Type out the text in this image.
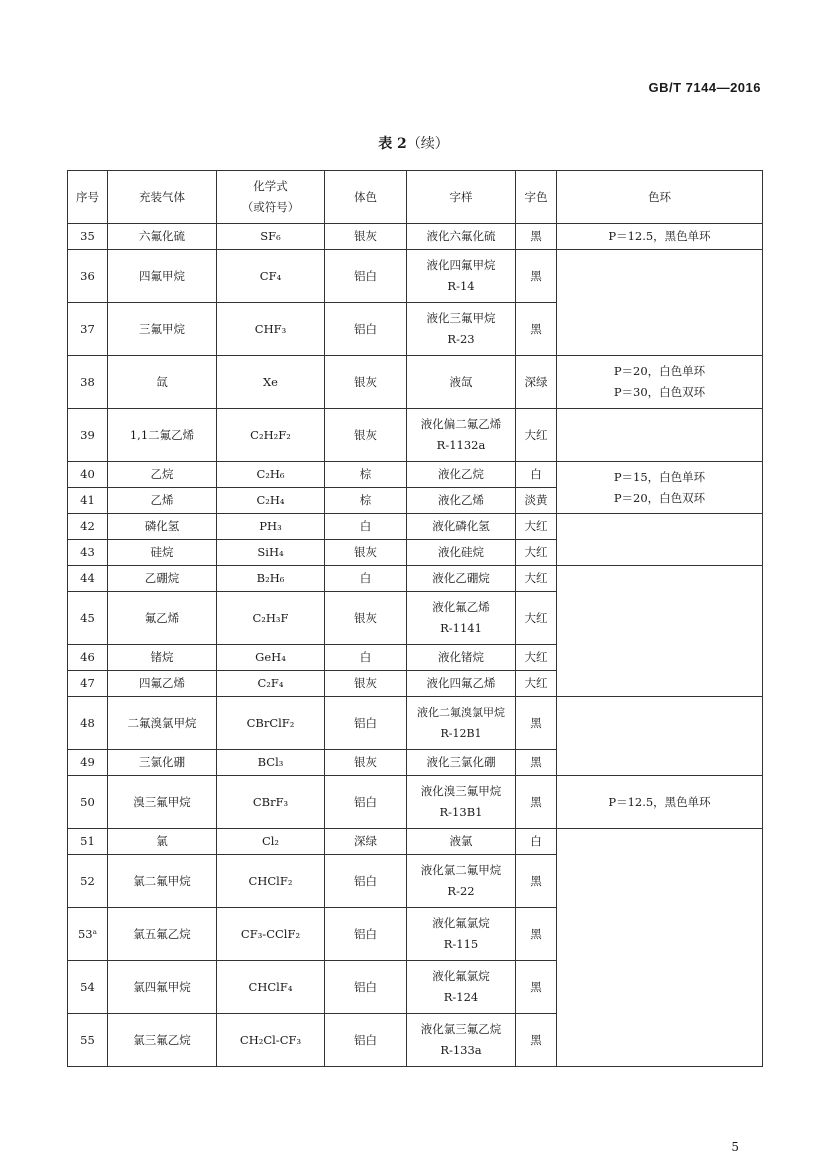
GB/T 7144—2016
表 2（续）
序号	充装气体	化学式
（或符号）	体色	字样	字色	色环
35	六氟化硫	SF₆	银灰	液化六氟化硫	黑	P＝12.5，黑色单环
36	四氟甲烷	CF₄	铝白	液化四氟甲烷
R-14	黑	
37	三氟甲烷	CHF₃	铝白	液化三氟甲烷
R-23	黑	
38	氙	Xe	银灰	液氙	深绿	P＝20，白色单环
P＝30，白色双环

39	1,1二氟乙烯	C₂H₂F₂	银灰	液化偏二氟乙烯
R-1132a	大红	
40	乙烷	C₂H₆	棕	液化乙烷	白	P＝15，白色单环
P＝20，白色双环

41	乙烯	C₂H₄	棕	液化乙烯	淡黄	
42	磷化氢	PH₃	白	液化磷化氢	大红	
43	硅烷	SiH₄	银灰	液化硅烷	大红	
44	乙硼烷	B₂H₆	白	液化乙硼烷	大红	
45	氟乙烯	C₂H₃F	银灰	液化氟乙烯
R-1141	大红	
46	锗烷	GeH₄	白	液化锗烷	大红	
47	四氟乙烯	C₂F₄	银灰	液化四氟乙烯	大红	
48	二氟溴氯甲烷	CBrClF₂	铝白	液化二氟溴氯甲烷
R-12B1	黑	
49	三氯化硼	BCl₃	银灰	液化三氯化硼	黑	
50	溴三氟甲烷	CBrF₃	铝白	液化溴三氟甲烷
R-13B1	黑	P＝12.5，黑色单环
51	氯	Cl₂	深绿	液氯	白	
52	氯二氟甲烷	CHClF₂	铝白	液化氯二氟甲烷
R-22	黑	
53ᵃ	氯五氟乙烷	CF₃-CClF₂	铝白	液化氟氯烷
R-115	黑	
54	氯四氟甲烷	CHClF₄	铝白	液化氟氯烷
R-124	黑	
55	氯三氟乙烷	CH₂Cl-CF₃	铝白	液化氯三氟乙烷
R-133a	黑	
5
